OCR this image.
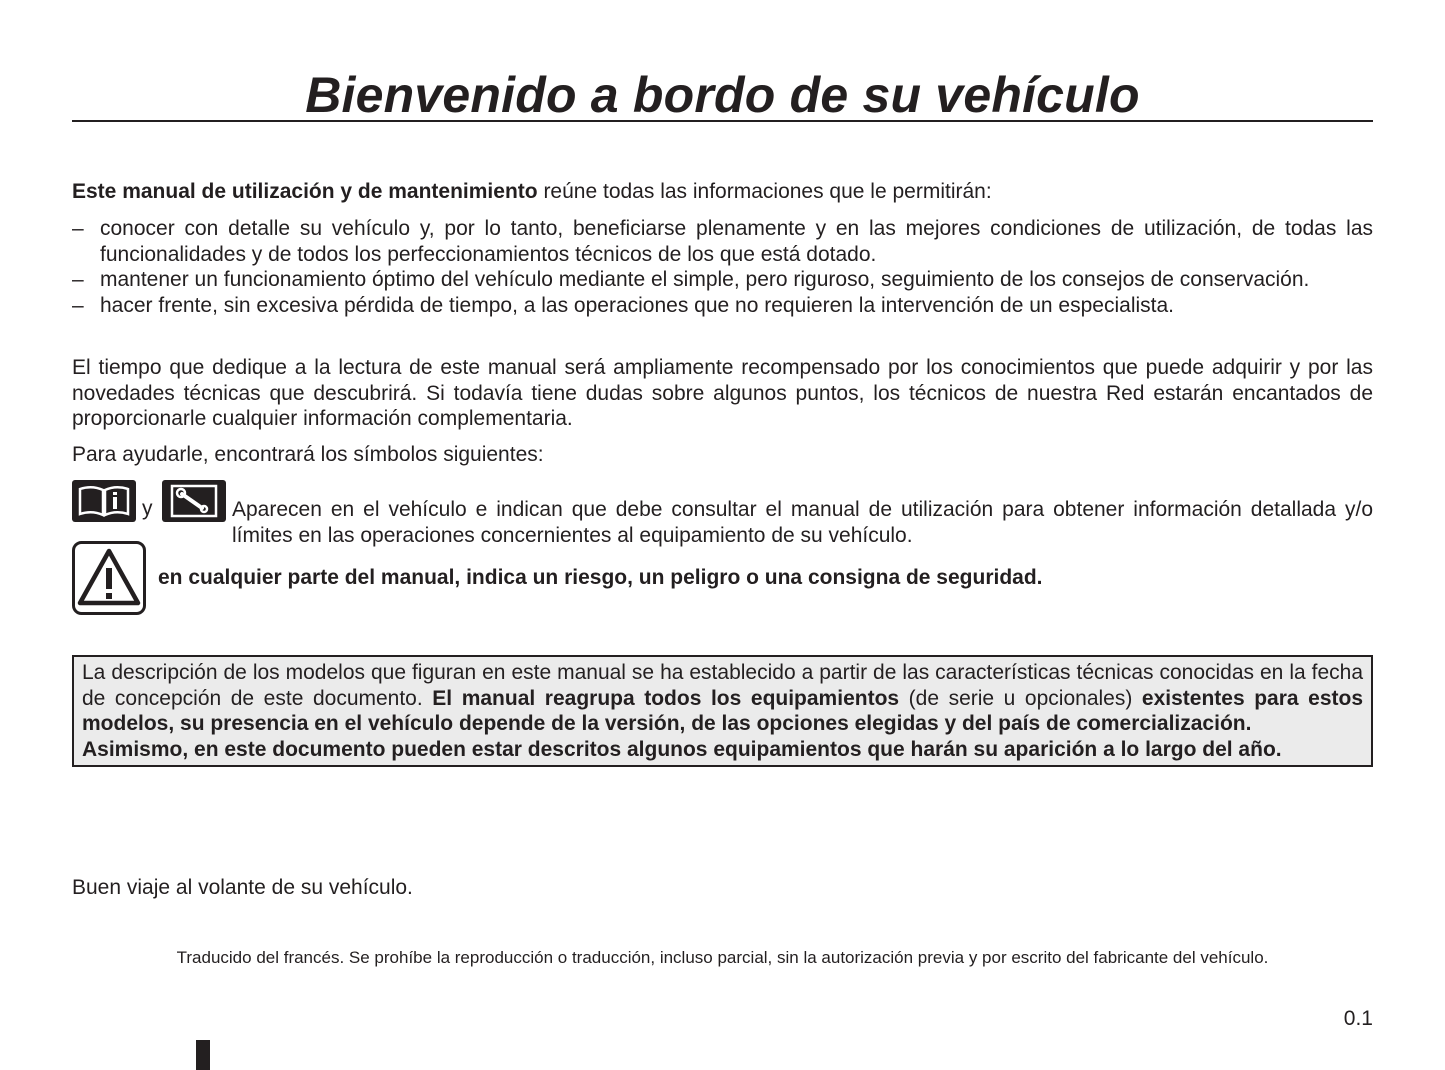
Bienvenido a bordo de su vehículo

Este manual de utilización y de mantenimiento reúne todas las informaciones que le permitirán:

– conocer con detalle su vehículo y, por lo tanto, beneficiarse plenamente y en las mejores condiciones de utilización, de todas las funcionalidades y de todos los perfeccionamientos técnicos de los que está dotado.
– mantener un funcionamiento óptimo del vehículo mediante el simple, pero riguroso, seguimiento de los consejos de conservación.
– hacer frente, sin excesiva pérdida de tiempo, a las operaciones que no requieren la intervención de un especialista.

El tiempo que dedique a la lectura de este manual será ampliamente recompensado por los conocimientos que puede adquirir y por las novedades técnicas que descubrirá. Si todavía tiene dudas sobre algunos puntos, los técnicos de nuestra Red estarán encantados de proporcionarle cualquier información complementaria.

Para ayudarle, encontrará los símbolos siguientes:

y	Aparecen en el vehículo e indican que debe consultar el manual de utilización para obtener información detallada y/o límites en las operaciones concernientes al equipamiento de su vehículo.

en cualquier parte del manual, indica un riesgo, un peligro o una consigna de seguridad.

La descripción de los modelos que figuran en este manual se ha establecido a partir de las características técnicas conocidas en la fecha de concepción de este documento. El manual reagrupa todos los equipamientos (de serie u opcionales) existentes para estos modelos, su presencia en el vehículo depende de la versión, de las opciones elegidas y del país de comercialización.

Asimismo, en este documento pueden estar descritos algunos equipamientos que harán su aparición a lo largo del año.

Buen viaje al volante de su vehículo.

Traducido del francés. Se prohíbe la reproducción o traducción, incluso parcial, sin la autorización previa y por escrito del fabricante del vehículo.

0.1
